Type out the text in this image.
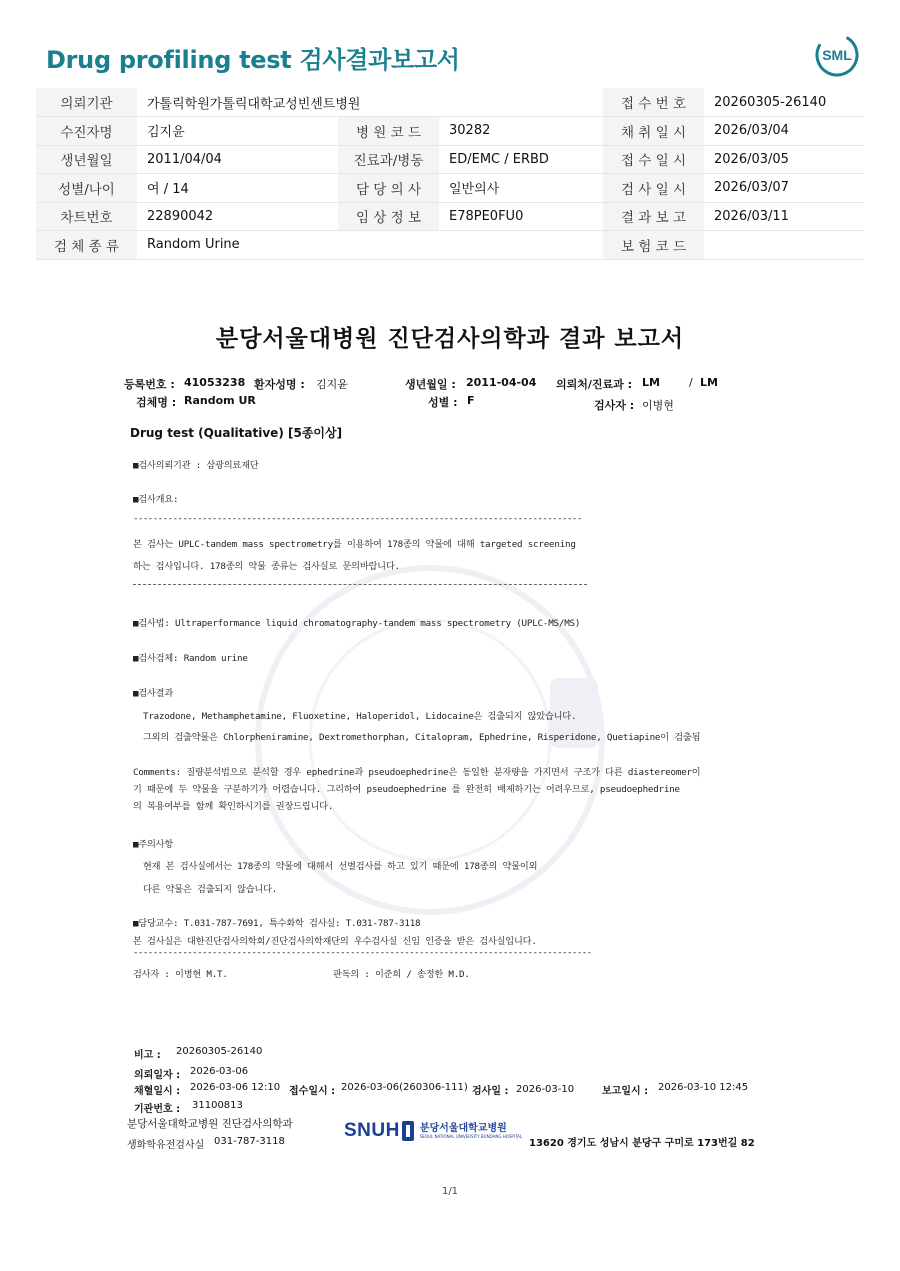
Drug profiling test 검사결과보고서	SML
의뢰기관	가톨릭학원가톨릭대학교성빈센트병원			접 수 번 호	20260305-26140
수진자명	김지윤	병 원 코 드	30282	채 취 일 시	2026/03/04
생년월일	2011/04/04	진료과/병동	ED/EMC / ERBD	접 수 일 시	2026/03/05
성별/나이	여 / 14	담 당 의 사	일반의사	검 사 일 시	2026/03/07
차트번호	22890042	임 상 정 보	E78PE0FU0	결 과 보 고	2026/03/11
검 체 종 류	Random Urine			보 험 코 드	
분당서울대병원 진단검사의학과 결과 보고서
등록번호 : 41053238 환자성명 : 김지윤	생년월일 : 2011-04-04 의뢰처/진료과 : LM	/ LM
검체명 : Random UR	성별 : F	검사자 : 이병현
Drug test (Qualitative) [5종이상]
■검사의뢰기관 : 삼광의료재단
■검사개요:
-------------------------------------------------------------------------------------------
본 검사는 UPLC-tandem mass spectrometry를 이용하여 178종의 약물에 대해 targeted screening
하는 검사입니다. 178종의 약물 종류는 검사실로 문의바랍니다.
■검사법: Ultraperformance liquid chromatography-tandem mass spectrometry (UPLC-MS/MS)
■검사검체: Random urine
■검사결과
Trazodone, Methamphetamine, Fluoxetine, Haloperidol, Lidocaine은 검출되지 않았습니다.
그외의 검출약물은 Chlorpheniramine, Dextromethorphan, Citalopram, Ephedrine, Risperidone, Quetiapine이 검출됨
Comments: 질량분석법으로 분석할 경우 ephedrine과 pseudoephedrine은 동일한 분자량을 가지면서 구조가 다른 diastereomer이
기 때문에 두 약물을 구분하기가 어렵습니다. 그리하여 pseudoephedrine 를 완전히 배제하기는 어려우므로, pseudoephedrine
의 복용여부를 함께 확인하시기를 권장드립니다.
■주의사항
현재 본 검사실에서는 178종의 약물에 대해서 선별검사를 하고 있기 때문에 178종의 약물이외
다른 약물은 검출되지 않습니다.
■담당교수: T.031-787-7691, 특수화학 검사실: T.031-787-3118
본 검사실은 대한진단검사의학회/진단검사의학재단의 우수검사실 신임 인증을 받은 검사실입니다.
---------------------------------------------------------------------------------------------
검사자 : 이병현 M.T.	판독의 : 이준희 / 송정한 M.D.
비고 : 20260305-26140
의뢰일자 : 2026-03-06
채혈일시 : 2026-03-06 12:10 접수일시 : 2026-03-06(260306-111) 검사일 : 2026-03-10	보고일시 : 2026-03-10 12:45
기관번호 : 31100813
분당서울대학교병원 진단검사의학과
생화학유전검사실 031-787-3118
SNUH 분당서울대학교병원
SEOUL NATIONAL UNIVERSITY BUNDANG HOSPITAL
13620 경기도 성남시 분당구 구미로 173번길 82
1/1
